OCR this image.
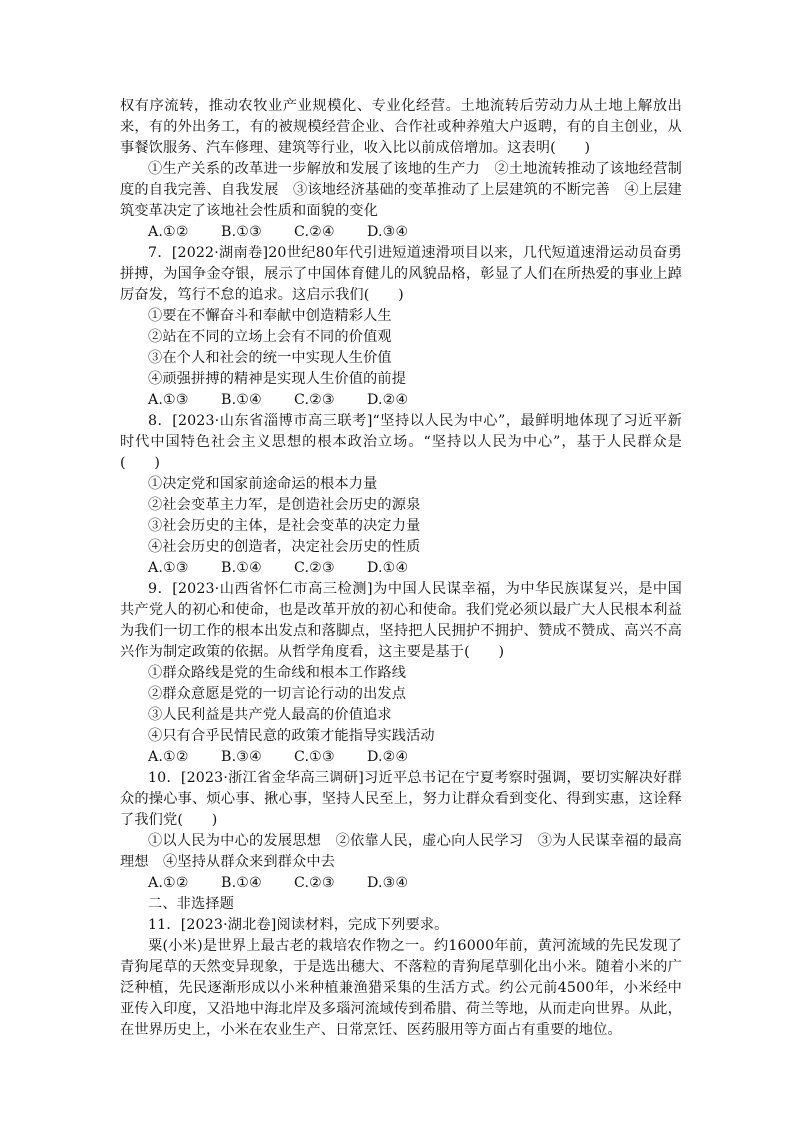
权有序流转，推动农牧业产业规模化、专业化经营。土地流转后劳动力从土地上解放出来，有的外出务工，有的被规模经营企业、合作社或种养殖大户返聘，有的自主创业，从事餐饮服务、汽车修理、建筑等行业，收入比以前成倍增加。这表明(　　)

①生产关系的改革进一步解放和发展了该地的生产力　②土地流转推动了该地经营制度的自我完善、自我发展　③该地经济基础的变革推动了上层建筑的不断完善　④上层建筑变革决定了该地社会性质和面貌的变化

A.①②	B.①③	C.②④	D.③④

7．[2022·湖南卷]20世纪80年代引进短道速滑项目以来，几代短道速滑运动员奋勇拼搏，为国争金夺银，展示了中国体育健儿的风貌品格，彰显了人们在所热爱的事业上踔厉奋发，笃行不怠的追求。这启示我们(　　)

①要在不懈奋斗和奉献中创造精彩人生

②站在不同的立场上会有不同的价值观

③在个人和社会的统一中实现人生价值

④顽强拼搏的精神是实现人生价值的前提

A.①③	B.①④	C.②③	D.②④

8．[2023·山东省淄博市高三联考]“坚持以人民为中心”，最鲜明地体现了习近平新时代中国特色社会主义思想的根本政治立场。“坚持以人民为中心”，基于人民群众是(　　)

①决定党和国家前途命运的根本力量

②社会变革主力军，是创造社会历史的源泉

③社会历史的主体，是社会变革的决定力量

④社会历史的创造者，决定社会历史的性质

A.①③	B.①④	C.②③	D.①④

9．[2023·山西省怀仁市高三检测]为中国人民谋幸福，为中华民族谋复兴，是中国共产党人的初心和使命，也是改革开放的初心和使命。我们党必须以最广大人民根本利益为我们一切工作的根本出发点和落脚点，坚持把人民拥护不拥护、赞成不赞成、高兴不高兴作为制定政策的依据。从哲学角度看，这主要是基于(　　)

①群众路线是党的生命线和根本工作路线

②群众意愿是党的一切言论行动的出发点

③人民利益是共产党人最高的价值追求

④只有合乎民情民意的政策才能指导实践活动

A.①②	B.③④	C.①③	D.②④

10．[2023·浙江省金华高三调研]习近平总书记在宁夏考察时强调，要切实解决好群众的操心事、烦心事、揪心事，坚持人民至上，努力让群众看到变化、得到实惠，这诠释了我们党(　　)

①以人民为中心的发展思想　②依靠人民，虚心向人民学习　③为人民谋幸福的最高理想　④坚持从群众来到群众中去

A.①②	B.①④	C.②③	D.③④

二、非选择题

11．[2023·湖北卷]阅读材料，完成下列要求。

粟(小米)是世界上最古老的栽培农作物之一。约16000年前，黄河流域的先民发现了青狗尾草的天然变异现象，于是选出穗大、不落粒的青狗尾草驯化出小米。随着小米的广泛种植，先民逐渐形成以小米种植兼渔猎采集的生活方式。约公元前4500年，小米经中亚传入印度，又沿地中海北岸及多瑙河流域传到希腊、荷兰等地，从而走向世界。从此，在世界历史上，小米在农业生产、日常烹饪、医药服用等方面占有重要的地位。
